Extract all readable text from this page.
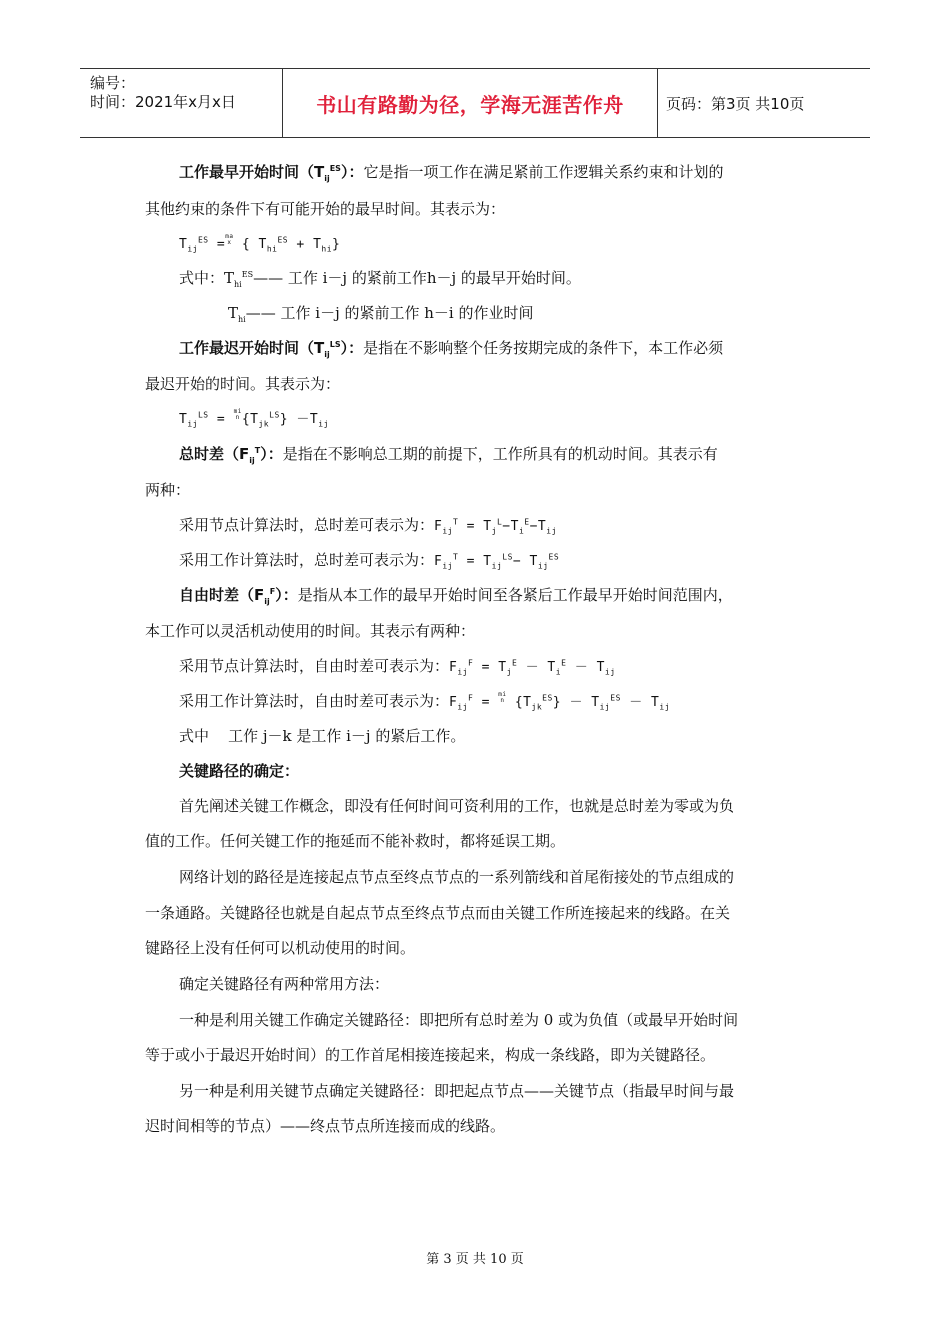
编号：
时间：2021年x月x日	书山有路勤为径，学海无涯苦作舟	页码：第3页 共10页
工作最早开始时间$(T_{ij}^{ES})$：它是指一项工作在满足紧前工作逻辑关系约束和计划的
其他约束的条件下有可能开始的最早时间。其表示为：
$T_{ij}^{ES} =ma$
x { $T_{hi}^{ES} + T_{hi}$}
式中：$T_{hi}^{ES}——$ 工作 i－j 的紧前工作h－j 的最早开始时间。
$T_{hi}——$ 工作 i－j 的紧前工作 h－i 的作业时间
工作最迟开始时间$(T_{ij}^{LS})$：是指在不影响整个任务按期完成的条件下，本工作必须
最迟开始的时间。其表示为：
$T_{ij}^{LS}$ = mi
n $\{T_{jk}^{LS}\} -T_{ij}$
总时差$(F_{ij}^T)$：是指在不影响总工期的前提下，工作所具有的机动时间。其表示有
两种：
采用节点计算法时，总时差可表示为：$F_{ij}^T = T_j^L-T_i^E-T_{ij}$
采用工作计算法时，总时差可表示为：$F_{ij}^T = T_{ij}^{LS}- T_{ij}^{ES}$
自由时差$(F_{ij}^F)$：是指从本工作的最早开始时间至各紧后工作最早开始时间范围内，
本工作可以灵活机动使用的时间。其表示有两种：
采用节点计算法时，自由时差可表示为：$F_{ij}^F = T_j^E - T_i^E - T_{ij}$
采用工作计算法时，自由时差可表示为：$F_{ij}^F$ = mi
n $\{T_{jk}^{ES}\} - T_{ij}^{ES} - T_{ij}$
式中    工作 j－k 是工作 i－j 的紧后工作。
关键路径的确定：
首先阐述关键工作概念，即没有任何时间可资利用的工作，也就是总时差为零或为负
值的工作。任何关键工作的拖延而不能补救时，都将延误工期。
网络计划的路径是连接起点节点至终点节点的一系列箭线和首尾衔接处的节点组成的
一条通路。关键路径也就是自起点节点至终点节点而由关键工作所连接起来的线路。在关
键路径上没有任何可以机动使用的时间。
确定关键路径有两种常用方法：
一种是利用关键工作确定关键路径：即把所有总时差为 0 或为负值（或最早开始时间
等于或小于最迟开始时间）的工作首尾相接连接起来，构成一条线路，即为关键路径。
另一种是利用关键节点确定关键路径：即把起点节点——关键节点（指最早时间与最
迟时间相等的节点）——终点节点所连接而成的线路。
第 3 页 共 10 页
